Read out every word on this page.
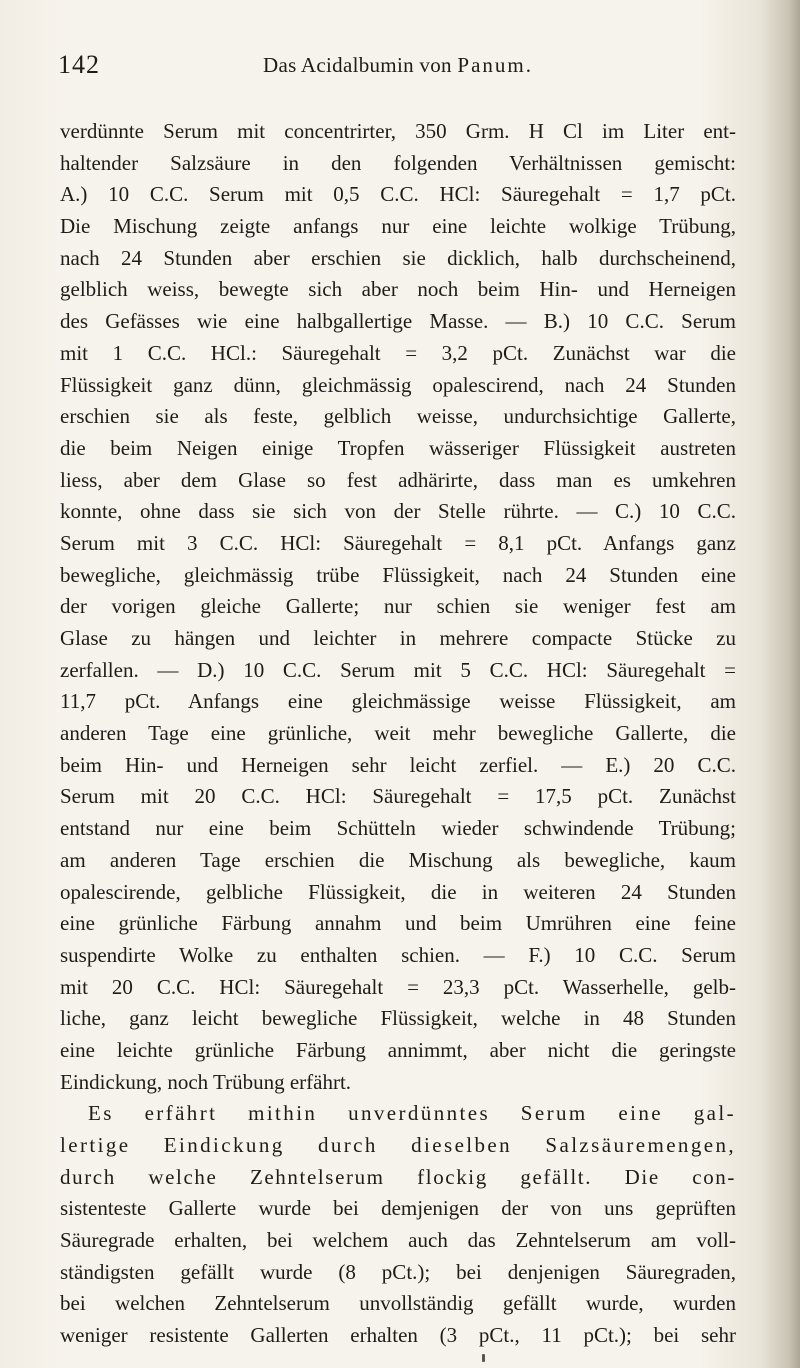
142	Das Acidalbumin von Panum.
verdünnte Serum mit concentrirter, 350 Grm. H Cl im Liter ent-
haltender Salzsäure in den folgenden Verhältnissen gemischt:
A.) 10 C.C. Serum mit 0,5 C.C. HCl: Säuregehalt = 1,7 pCt.
Die Mischung zeigte anfangs nur eine leichte wolkige Trübung,
nach 24 Stunden aber erschien sie dicklich, halb durchscheinend,
gelblich weiss, bewegte sich aber noch beim Hin- und Herneigen
des Gefässes wie eine halbgallertige Masse. — B.) 10 C.C. Serum
mit 1 C.C. HCl.: Säuregehalt = 3,2 pCt. Zunächst war die
Flüssigkeit ganz dünn, gleichmässig opalescirend, nach 24 Stunden
erschien sie als feste, gelblich weisse, undurchsichtige Gallerte,
die beim Neigen einige Tropfen wässeriger Flüssigkeit austreten
liess, aber dem Glase so fest adhärirte, dass man es umkehren
konnte, ohne dass sie sich von der Stelle rührte. — C.) 10 C.C.
Serum mit 3 C.C. HCl: Säuregehalt = 8,1 pCt. Anfangs ganz
bewegliche, gleichmässig trübe Flüssigkeit, nach 24 Stunden eine
der vorigen gleiche Gallerte; nur schien sie weniger fest am
Glase zu hängen und leichter in mehrere compacte Stücke zu
zerfallen. — D.) 10 C.C. Serum mit 5 C.C. HCl: Säuregehalt =
11,7 pCt. Anfangs eine gleichmässige weisse Flüssigkeit, am
anderen Tage eine grünliche, weit mehr bewegliche Gallerte, die
beim Hin- und Herneigen sehr leicht zerfiel. — E.) 20 C.C.
Serum mit 20 C.C. HCl: Säuregehalt = 17,5 pCt. Zunächst
entstand nur eine beim Schütteln wieder schwindende Trübung;
am anderen Tage erschien die Mischung als bewegliche, kaum
opalescirende, gelbliche Flüssigkeit, die in weiteren 24 Stunden
eine grünliche Färbung annahm und beim Umrühren eine feine
suspendirte Wolke zu enthalten schien. — F.) 10 C.C. Serum
mit 20 C.C. HCl: Säuregehalt = 23,3 pCt. Wasserhelle, gelb-
liche, ganz leicht bewegliche Flüssigkeit, welche in 48 Stunden
eine leichte grünliche Färbung annimmt, aber nicht die geringste
Eindickung, noch Trübung erfährt.
Es erfährt mithin unverdünntes Serum eine gal-
lertige Eindickung durch dieselben Salzsäuremengen,
durch welche Zehntelserum flockig gefällt. Die con-
sistenteste Gallerte wurde bei demjenigen der von uns geprüften
Säuregrade erhalten, bei welchem auch das Zehntelserum am voll-
ständigsten gefällt wurde (8 pCt.); bei denjenigen Säuregraden,
bei welchen Zehntelserum unvollständig gefällt wurde, wurden
weniger resistente Gallerten erhalten (3 pCt., 11 pCt.); bei sehr
